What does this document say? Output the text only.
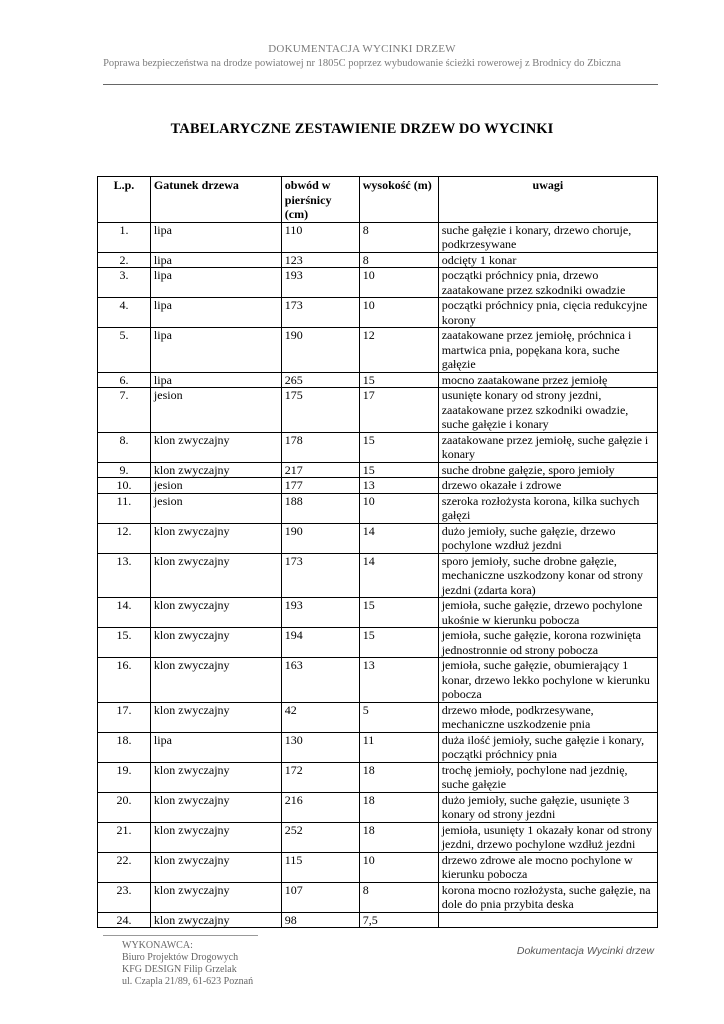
DOKUMENTACJA WYCINKI DRZEW
Poprawa bezpieczeństwa na drodze powiatowej nr 1805C poprzez wybudowanie ścieżki rowerowej z Brodnicy do Zbiczna
TABELARYCZNE ZESTAWIENIE DRZEW DO WYCINKI
L.p.	Gatunek drzewa	obwód w pierśnicy (cm)	wysokość (m)	uwagi
1.	lipa	110	8	suche gałęzie i konary, drzewo choruje, podkrzesywane
2.	lipa	123	8	odcięty 1 konar
3.	lipa	193	10	początki próchnicy pnia, drzewo zaatakowane przez szkodniki owadzie
4.	lipa	173	10	początki próchnicy pnia, cięcia redukcyjne korony
5.	lipa	190	12	zaatakowane przez jemiołę, próchnica i martwica pnia, popękana kora, suche gałęzie
6.	lipa	265	15	mocno zaatakowane przez jemiołę
7.	jesion	175	17	usunięte konary od strony jezdni, zaatakowane przez szkodniki owadzie, suche gałęzie i konary
8.	klon zwyczajny	178	15	zaatakowane przez jemiołę, suche gałęzie i konary
9.	klon zwyczajny	217	15	suche drobne gałęzie, sporo jemioły
10.	jesion	177	13	drzewo okazałe i zdrowe
11.	jesion	188	10	szeroka rozłożysta korona, kilka suchych gałęzi
12.	klon zwyczajny	190	14	dużo jemioły, suche gałęzie, drzewo pochylone wzdłuż jezdni
13.	klon zwyczajny	173	14	sporo jemioły, suche drobne gałęzie, mechaniczne uszkodzony konar od strony jezdni (zdarta kora)
14.	klon zwyczajny	193	15	jemioła, suche gałęzie, drzewo pochylone ukośnie w kierunku pobocza
15.	klon zwyczajny	194	15	jemioła, suche gałęzie, korona rozwinięta jednostronnie od strony pobocza
16.	klon zwyczajny	163	13	jemioła, suche gałęzie, obumierający 1 konar, drzewo lekko pochylone w kierunku pobocza
17.	klon zwyczajny	42	5	drzewo młode, podkrzesywane, mechaniczne uszkodzenie pnia
18.	lipa	130	11	duża ilość jemioły, suche gałęzie i konary, początki próchnicy pnia
19.	klon zwyczajny	172	18	trochę jemioły, pochylone nad jezdnię, suche gałęzie
20.	klon zwyczajny	216	18	dużo jemioły, suche gałęzie, usunięte 3 konary od strony jezdni
21.	klon zwyczajny	252	18	jemioła, usunięty 1 okazały konar od strony jezdni, drzewo pochylone wzdłuż jezdni
22.	klon zwyczajny	115	10	drzewo zdrowe ale mocno pochylone w kierunku pobocza
23.	klon zwyczajny	107	8	korona mocno rozłożysta, suche gałęzie, na dole do pnia przybita deska
24.	klon zwyczajny	98	7,5	
WYKONAWCA:
Biuro Projektów Drogowych
KFG DESIGN Filip Grzelak
ul. Czapla 21/89, 61-623 Poznań
Dokumentacja Wycinki drzew
